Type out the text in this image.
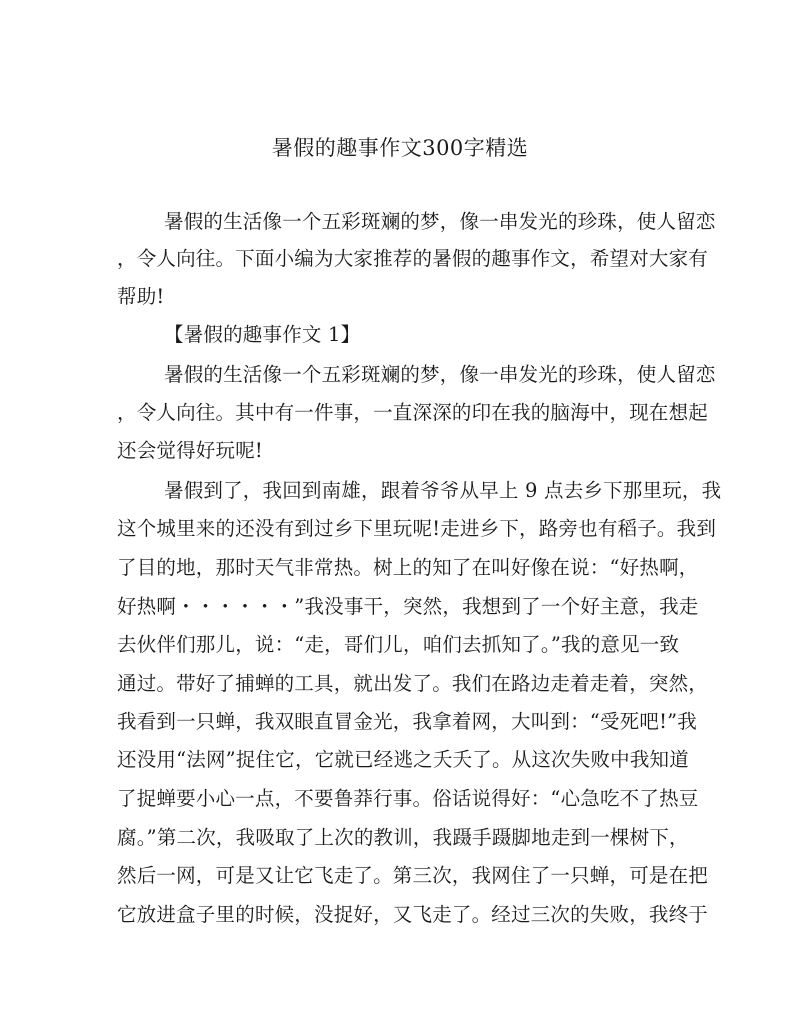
暑假的趣事作文300字精选
暑假的生活像一个五彩斑斓的梦，像一串发光的珍珠，使人留恋
，令人向往。下面小编为大家推荐的暑假的趣事作文，希望对大家有
帮助!
【暑假的趣事作文 1】
暑假的生活像一个五彩斑斓的梦，像一串发光的珍珠，使人留恋
，令人向往。其中有一件事，一直深深的印在我的脑海中，现在想起
还会觉得好玩呢!
暑假到了，我回到南雄，跟着爷爷从早上 9 点去乡下那里玩，我
这个城里来的还没有到过乡下里玩呢!走进乡下，路旁也有稻子。我到
了目的地，那时天气非常热。树上的知了在叫好像在说：“好热啊，
好热啊・・・・・・”我没事干，突然，我想到了一个好主意，我走
去伙伴们那儿，说：“走，哥们儿，咱们去抓知了。”我的意见一致
通过。带好了捕蝉的工具，就出发了。我们在路边走着走着，突然，
我看到一只蝉，我双眼直冒金光，我拿着网，大叫到：“受死吧!”我
还没用“法网”捉住它，它就已经逃之夭夭了。从这次失败中我知道
了捉蝉要小心一点，不要鲁莽行事。俗话说得好：“心急吃不了热豆
腐。”第二次，我吸取了上次的教训，我蹑手蹑脚地走到一棵树下，
然后一网，可是又让它飞走了。第三次，我网住了一只蝉，可是在把
它放进盒子里的时候，没捉好，又飞走了。经过三次的失败，我终于
